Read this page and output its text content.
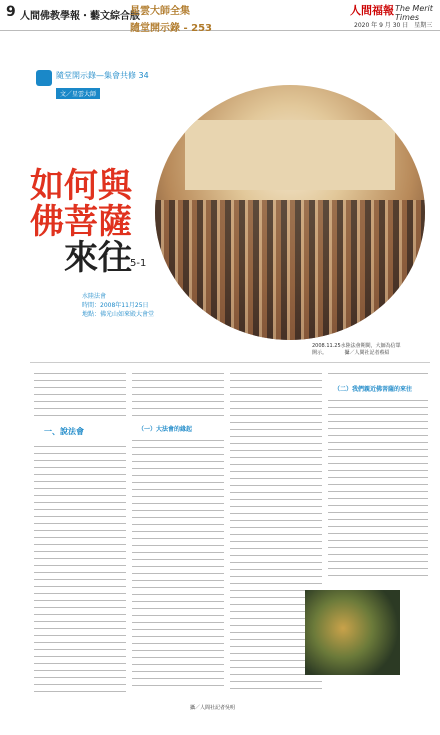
9 人間佛教學報・藝文綜合版
星雲大師全集
隨堂開示錄 - 253
人間福報 The Merit Times
2020 年 9 月 30 日　星期三
隨堂開示錄—集會共修 34
文／星雲大師
如何與
佛菩薩
來往
5-1
水陸法會
時間：2008年11月25日
地點：佛光山如來殿大會堂
2008.11.25水陸法會期間，大師為信眾
開示。　　　　攝／人間社記者蔡紹
一、說法會	（一）大法會的緣起
（二）我們親近佛菩薩的來往
攝／人間社記者吳明
